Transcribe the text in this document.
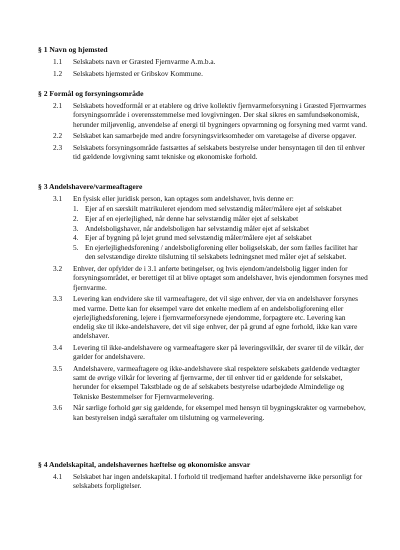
§ 1 Navn og hjemsted
1.1	Selskabets navn er Græsted Fjernvarme A.m.b.a.
1.2	Selskabets hjemsted er Gribskov Kommune.
§ 2 Formål og forsyningsområde
2.1	Selskabets hovedformål er at etablere og drive kollektiv fjernvarmeforsyning i Græsted Fjernvarmes forsyningsområde i overensstemmelse med lovgivningen. Der skal sikres en samfundsøkonomisk, herunder miljøvenlig, anvendelse af energi til bygningers opvarmning og forsyning med varmt vand.
2.2	Selskabet kan samarbejde med andre forsyningsvirksomheder om varetagelse af diverse opgaver.
2.3	Selskabets forsyningsområde fastsættes af selskabets bestyrelse under hensyntagen til den til enhver tid gældende lovgivning samt tekniske og økonomiske forhold.
§ 3 Andelshavere/varmeaftagere
3.1	En fysisk eller juridisk person, kan optages som andelshaver, hvis denne er:
1. Ejer af en særskilt matrikuleret ejendom med selvstændig måler/målere ejet af selskabet
2. Ejer af en ejerlejlighed, når denne har selvstændig måler ejet af selskabet
3. Andelsboligshaver, når andelsboligen har selvstændig måler ejet af selskabet
4. Ejer af bygning på lejet grund med selvstændig måler/målere ejet af selskabet
5. En ejerlejlighedsforening / andelsboligforening eller boligselskab, der som fælles facilitet har den selvstændige direkte tilslutning til selskabets ledningsnet med måler ejet af selskabet.
3.2	Enhver, der opfylder de i 3.1 anførte betingelser, og hvis ejendom/andelsbolig ligger inden for forsyningsområdet, er berettiget til at blive optaget som andelshaver, hvis ejendommen forsynes med fjernvarme.
3.3	Levering kan endvidere ske til varmeaftagere, det vil sige enhver, der via en andelshaver forsynes med varme. Dette kan for eksempel være det enkelte medlem af en andelsboligforening eller ejerlejlighedsforening, lejere i fjernvarmeforsynede ejendomme, forpagtere etc. Levering kan endelig ske til ikke-andelshavere, det vil sige enhver, der på grund af egne forhold, ikke kan være andelshaver.
3.4	Levering til ikke-andelshavere og varmeaftagere sker på leveringsvilkår, der svarer til de vilkår, der gælder for andelshavere.
3.5	Andelshavere, varmeaftagere og ikke-andelshavere skal respektere selskabets gældende vedtægter samt de øvrige vilkår for levering af fjernvarme, der til enhver tid er gældende for selskabet, herunder for eksempel Takstblade og de af selskabets bestyrelse udarbejdede Almindelige og Tekniske Bestemmelser for Fjernvarmelevering.
3.6	Når særlige forhold gør sig gældende, for eksempel med hensyn til bygningskrakter og varmebehov, kan bestyrelsen indgå særaftaler om tilslutning og varmelevering.
§ 4 Andelskapital, andelshavernes hæftelse og økonomiske ansvar
4.1	Selskabet har ingen andelskapital. I forhold til tredjemand hæfter andelshaverne ikke personligt for selskabets forpligtelser.
